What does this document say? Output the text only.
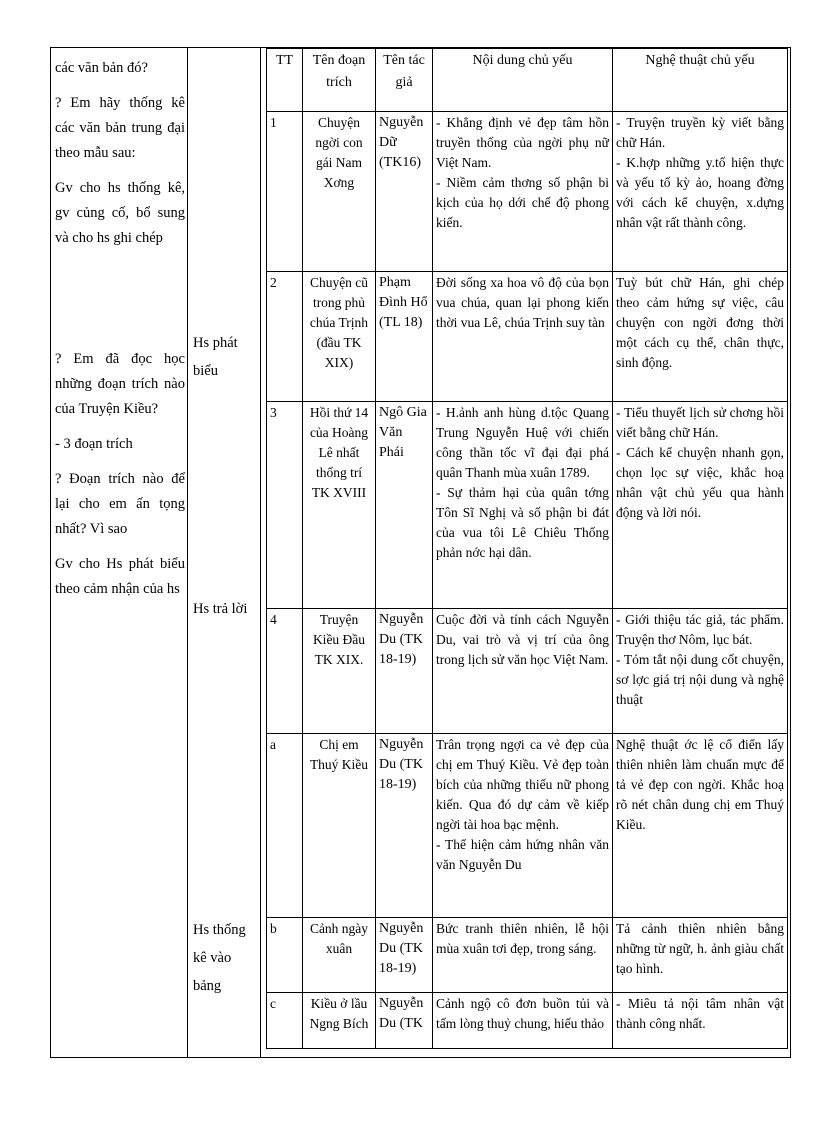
các văn bản đó?

? Em hãy thống kê các văn bản trung đại theo mẫu sau:

Gv cho hs thống kê, gv củng cố, bổ sung và cho hs ghi chép

? Em đã đọc học những đoạn trích nào của Truyện Kiều?

- 3 đoạn trích

? Đoạn trích nào để lại cho em ấn tọng nhất? Vì sao

Gv cho Hs phát biểu theo cảm nhận của hs

Hs phát biểu
Hs trả lời
Hs thống kê vào bảng
TT	Tên đoạn trích	Tên tác giả	Nội dung chủ yếu	Nghệ thuật chủ yếu
1	Chuyện ngời con gái Nam Xơng	Nguyễn Dữ (TK16)	- Khẳng định vẻ đẹp tâm hồn truyền thống của ngời phụ nữ Việt Nam.
- Niềm cảm thơng số phận bi kịch của họ dới chế độ phong kiến.	- Truyện truyền kỳ viết bằng chữ Hán.
- K.hợp những y.tố hiện thực và yếu tố kỳ ảo, hoang đờng với cách kể chuyện, x.dựng nhân vật rất thành công.
2	Chuyện cũ trong phủ chúa Trịnh (đầu TK XIX)	Phạm Đình Hổ (TL 18)	Đời sống xa hoa vô độ của bọn vua chúa, quan lại phong kiến thời vua Lê, chúa Trịnh suy tàn	Tuỳ bút chữ Hán, ghi chép theo cảm hứng sự việc, câu chuyện con ngời đơng thời một cách cụ thể, chân thực, sinh động.
3	Hồi thứ 14 của Hoàng Lê nhất thống trí TK XVIII	Ngô Gia Văn Phái	- H.ảnh anh hùng d.tộc Quang Trung Nguyễn Huệ với chiến công thần tốc vĩ đại đại phá quân Thanh mùa xuân 1789.
- Sự thảm hại của quân tớng Tôn Sĩ Nghị và số phận bi đát của vua tôi Lê Chiêu Thống phản nớc hại dân.	- Tiểu thuyết lịch sử chơng hồi viết bằng chữ Hán.
- Cách kể chuyện nhanh gọn, chọn lọc sự việc, khắc hoạ nhân vật chủ yếu qua hành động và lời nói.
4	Truyện Kiều Đầu TK XIX.	Nguyễn Du (TK 18-19)	Cuộc đời và tính cách Nguyễn Du, vai trò và vị trí của ông trong lịch sử văn học Việt Nam.	- Giới thiệu tác giả, tác phẩm. Truyện thơ Nôm, lục bát.
- Tóm tắt nội dung cốt chuyện, sơ lợc giá trị nội dung và nghệ thuật
a	Chị em Thuý Kiều	Nguyễn Du (TK 18-19)	Trân trọng ngợi ca vẻ đẹp của chị em Thuý Kiều. Vẻ đẹp toàn bích của những thiếu nữ phong kiến. Qua đó dự cảm về kiếp ngời tài hoa bạc mệnh.
- Thể hiện cảm hứng nhân văn văn Nguyễn Du	Nghệ thuật ớc lệ cổ điển lấy thiên nhiên làm chuẩn mực để tả vẻ đẹp con ngời. Khắc hoạ rõ nét chân dung chị em Thuý Kiều.
b	Cảnh ngày xuân	Nguyễn Du (TK 18-19)	Bức tranh thiên nhiên, lễ hội mùa xuân tơi đẹp, trong sáng.	Tả cảnh thiên nhiên bằng những từ ngữ, h. ảnh giàu chất tạo hình.
c	Kiều ở lầu Ngng Bích	Nguyễn Du (TK	Cảnh ngộ cô đơn buồn tủi và tấm lòng thuỷ chung, hiếu thảo	- Miêu tả nội tâm nhân vật thành công nhất.
